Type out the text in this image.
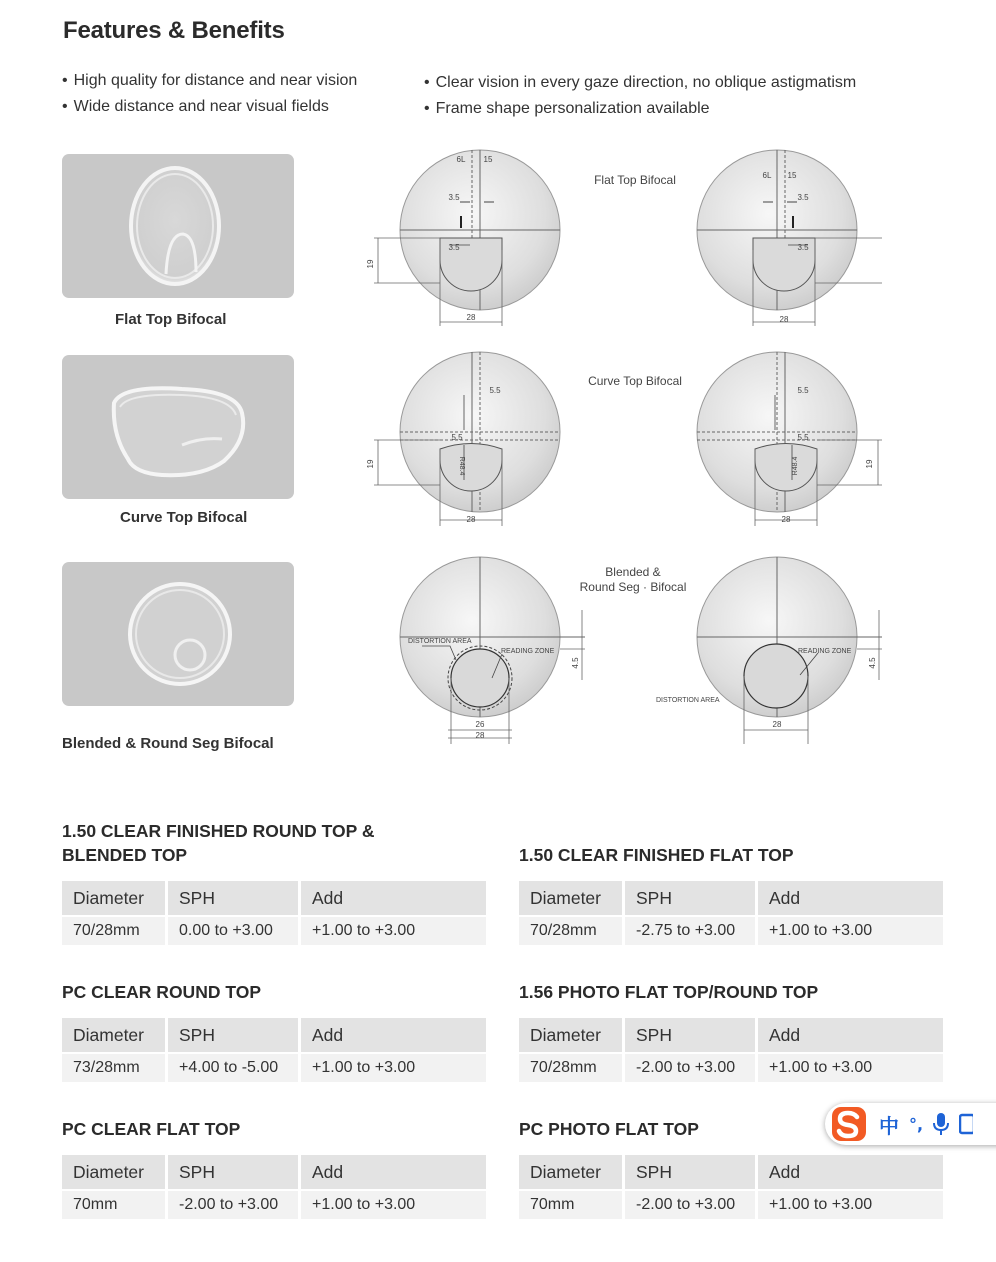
Features & Benefits
• High quality for distance and near vision
• Wide distance and near visual fields
• Clear vision in every gaze direction, no oblique astigmatism
• Frame shape personalization available
Flat Top Bifocal
Curve Top Bifocal
Blended & Round Seg Bifocal
6L 15
3.5
3.5
19
28
6L 15
3.5
3.5
28
5.5
5.5
R48.4
19
28
5.5
5.5
R48.4	19
28
DISTORTION AREA
READING ZONE
4.5
26
28
READING ZONE
DISTORTION AREA
4.5
28
Flat Top Bifocal
Curve Top Bifocal
Blended &
Round Seg · Bifocal
1.50 CLEAR FINISHED ROUND TOP &
BLENDED TOP
Diameter	SPH	Add
70/28mm	0.00 to +3.00	+1.00 to +3.00
1.50 CLEAR FINISHED FLAT TOP
Diameter	SPH	Add
70/28mm	-2.75 to +3.00	+1.00 to +3.00
PC CLEAR ROUND TOP
Diameter	SPH	Add
73/28mm	+4.00 to -5.00	+1.00 to +3.00
1.56 PHOTO FLAT TOP/ROUND TOP
Diameter	SPH	Add
70/28mm	-2.00 to +3.00	+1.00 to +3.00
PC CLEAR FLAT TOP
Diameter	SPH	Add
70mm	-2.00 to +3.00	+1.00 to +3.00
PC PHOTO FLAT TOP
Diameter	SPH	Add
70mm	-2.00 to +3.00	+1.00 to +3.00
中 °,
